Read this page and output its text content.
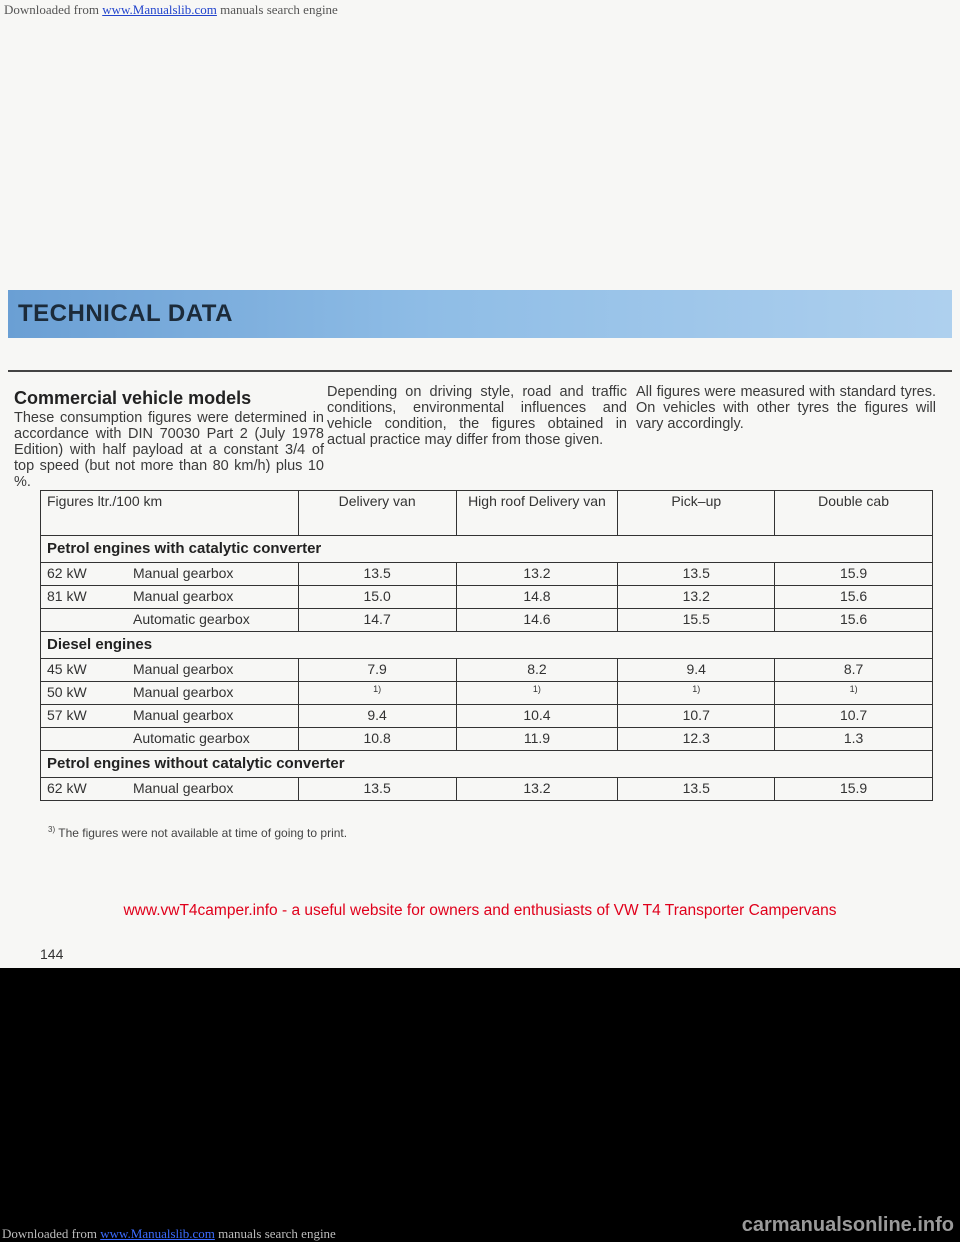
Downloaded from www.Manualslib.com manuals search engine
TECHNICAL DATA
Commercial vehicle models

These consumption figures were determined in accordance with DIN 70030 Part 2 (July 1978 Edition) with half payload at a constant 3/4 of top speed (but not more than 80 km/h) plus 10 %.

Depending on driving style, road and traffic conditions, environmental influences and vehicle condition, the figures obtained in actual practice may differ from those given.

All figures were measured with standard tyres. On vehicles with other tyres the figures will vary accordingly.

Figures ltr./100 km	Delivery van	High roof Delivery van	Pick–up	Double cab
Petrol engines with catalytic converter				
62 kW Manual gearbox	13.5	13.2	13.5	15.9
81 kW Manual gearbox	15.0	14.8	13.2	15.6
Automatic gearbox	14.7	14.6	15.5	15.6
Diesel engines				
45 kW Manual gearbox	7.9	8.2	9.4	8.7
50 kW Manual gearbox	1)	1)	1)	1)
57 kW Manual gearbox	9.4	10.4	10.7	10.7
Automatic gearbox	10.8	11.9	12.3	1.3
Petrol engines without catalytic converter				
62 kW Manual gearbox	13.5	13.2	13.5	15.9
$^{3)}$ The figures were not available at time of going to print.
www.vwT4camper.info - a useful website for owners and enthusiasts of VW T4 Transporter Campervans
144
Downloaded from www.Manualslib.com manuals search engine	carmanualsonline.info
